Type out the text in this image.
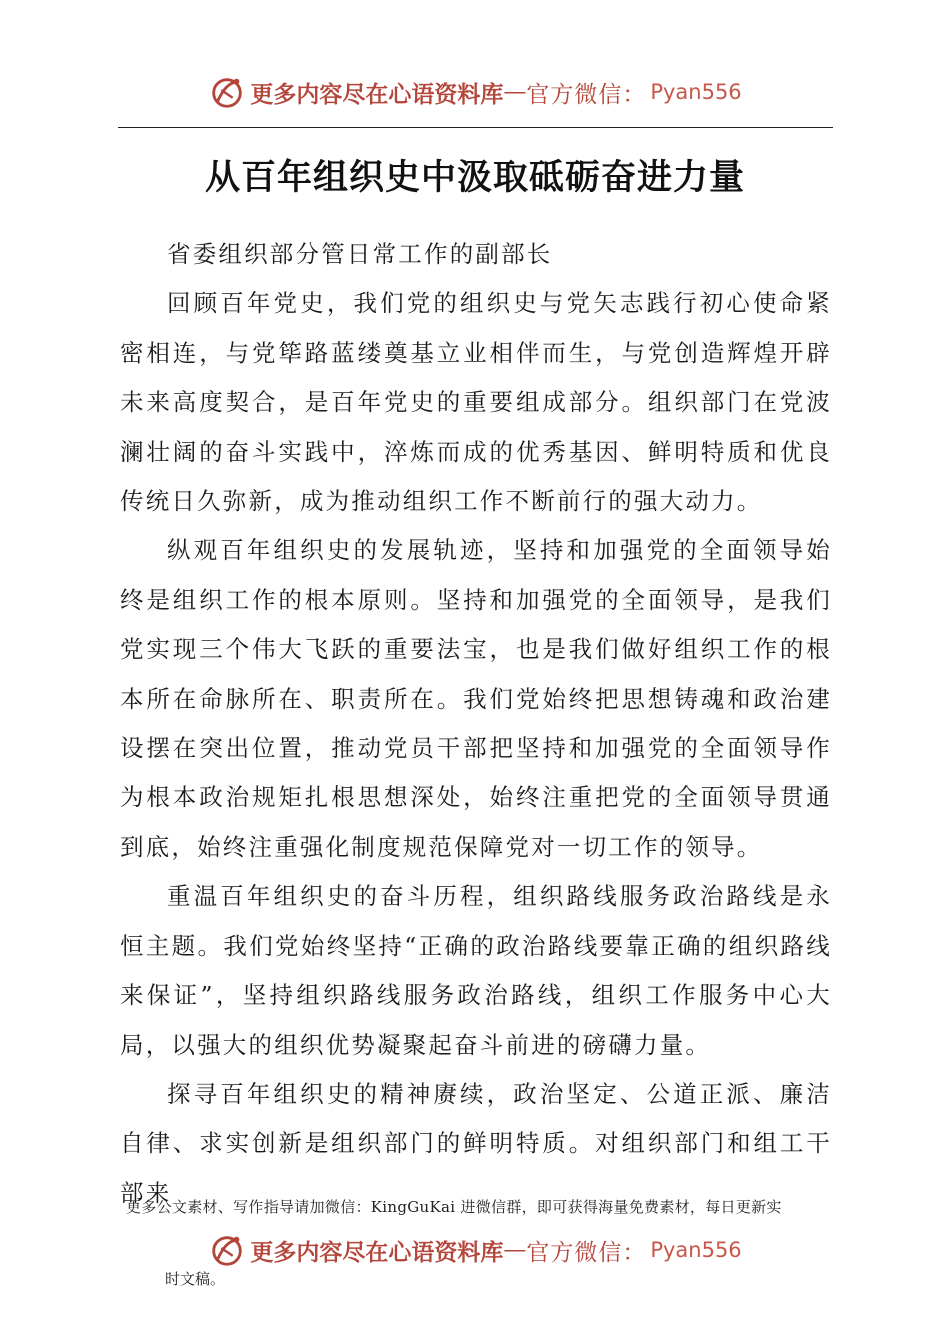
更多内容尽在心语资料库 — 官方微信： Pyan556
从百年组织史中汲取砥砺奋进力量

省委组织部分管日常工作的副部长

回顾百年党史，我们党的组织史与党矢志践行初心使命紧密相连，与党筚路蓝缕奠基立业相伴而生，与党创造辉煌开辟未来高度契合，是百年党史的重要组成部分。组织部门在党波澜壮阔的奋斗实践中，淬炼而成的优秀基因、鲜明特质和优良传统日久弥新，成为推动组织工作不断前行的强大动力。

纵观百年组织史的发展轨迹，坚持和加强党的全面领导始终是组织工作的根本原则。坚持和加强党的全面领导，是我们党实现三个伟大飞跃的重要法宝，也是我们做好组织工作的根本所在命脉所在、职责所在。我们党始终把思想铸魂和政治建设摆在突出位置，推动党员干部把坚持和加强党的全面领导作为根本政治规矩扎根思想深处，始终注重把党的全面领导贯通到底，始终注重强化制度规范保障党对一切工作的领导。

重温百年组织史的奋斗历程，组织路线服务政治路线是永恒主题。我们党始终坚持“正确的政治路线要靠正确的组织路线来保证”，坚持组织路线服务政治路线，组织工作服务中心大局，以强大的组织优势凝聚起奋斗前进的磅礴力量。

探寻百年组织史的精神赓续，政治坚定、公道正派、廉洁自律、求实创新是组织部门的鲜明特质。对组织部门和组工干部来

更多公文素材、写作指导请加微信：KingGuKai 进微信群，即可获得海量免费素材，每日更新实
更多内容尽在心语资料库 — 官方微信： Pyan556
时文稿。
